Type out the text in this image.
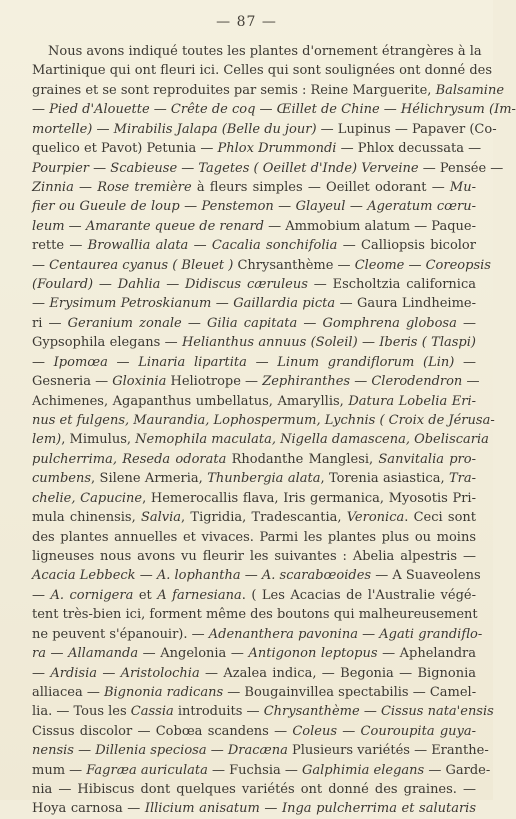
— 87 —
Nous avons indiqué toutes les plantes d'ornement étrangères à la
Martinique qui ont fleuri ici. Celles qui sont soulignées ont donné des
graines et se sont reproduites par semis : Reine Marguerite, Balsamine
— Pied d'Alouette — Crête de coq — Œillet de Chine — Hélichrysum (Im-
mortelle) — Mirabilis Jalapa (Belle du jour) — Lupinus — Papaver (Co-
quelico et Pavot) Petunia — Phlox Drummondi — Phlox decussata —
Pourpier — Scabieuse — Tagetes ( Oeillet d'Inde) Verveine — Pensée —
Zinnia — Rose tremière à fleurs simples — Oeillet odorant — Mu-
fier ou Gueule de loup — Penstemon — Glayeul — Ageratum cœru-
leum — Amarante queue de renard — Ammobium alatum — Paque-
rette — Browallia alata — Cacalia sonchifolia — Calliopsis bicolor
— Centaurea cyanus ( Bleuet ) Chrysanthème — Cleome — Coreopsis
(Foulard) — Dahlia — Didiscus cæruleus — Escholtzia californica
— Erysimum Petroskianum — Gaillardia picta — Gaura Lindheime-
ri — Geranium zonale — Gilia capitata — Gomphrena globosa —
Gypsophila elegans — Helianthus annuus (Soleil) — Iberis ( Tlaspi)
— Ipomœa — Linaria lipartita — Linum grandiflorum (Lin) —
Gesneria — Gloxinia Heliotrope — Zephiranthes — Clerodendron —
Achimenes, Agapanthus umbellatus, Amaryllis, Datura Lobelia Eri-
nus et fulgens, Maurandia, Lophospermum, Lychnis ( Croix de Jérusa-
lem), Mimulus, Nemophila maculata, Nigella damascena, Obeliscaria
pulcherrima, Reseda odorata Rhodanthe Manglesi, Sanvitalia pro-
cumbens, Silene Armeria, Thunbergia alata, Torenia asiastica, Tra-
chelie, Capucine, Hemerocallis flava, Iris germanica, Myosotis Pri-
mula chinensis, Salvia, Tigridia, Tradescantia, Veronica. Ceci sont
des plantes annuelles et vivaces. Parmi les plantes plus ou moins
ligneuses nous avons vu fleurir les suivantes : Abelia alpestris —
Acacia Lebbeck — A. lophantha — A. scarabœoides — A Suaveolens
— A. cornigera et A farnesiana. ( Les Acacias de l'Australie végé-
tent très-bien ici, forment même des boutons qui malheureusement
ne peuvent s'épanouir). — Adenanthera pavonina — Agati grandiflo-
ra — Allamanda — Angelonia — Antigonon leptopus — Aphelandra
— Ardisia — Aristolochia — Azalea indica, — Begonia — Bignonia
alliacea — Bignonia radicans — Bougainvillea spectabilis — Camel-
lia. — Tous les Cassia introduits — Chrysanthème — Cissus nata'ensis
Cissus discolor — Cobœa scandens — Coleus — Couroupita guya-
nensis — Dillenia speciosa — Dracæna Plusieurs variétés — Eranthe-
mum — Fagræa auriculata — Fuchsia — Galphimia elegans — Garde-
nia — Hibiscus dont quelques variétés ont donné des graines. —
Hoya carnosa — Illicium anisatum — Inga pulcherrima et salutaris
